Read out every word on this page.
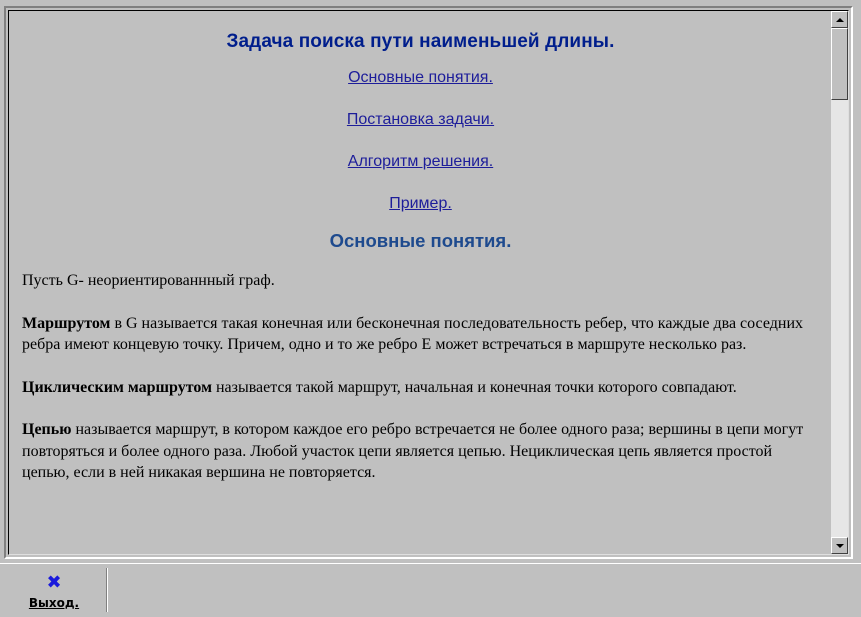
Задача поиска пути наименьшей длины.
Основные понятия.
Постановка задачи.
Алгоритм решения.
Пример.
Основные понятия.

Пусть G- неориентированнный граф.

Маршрутом в G называется такая конечная или бесконечная последовательность ребер, что каждые два соседних ребра имеют концевую точку. Причем, одно и то же ребро E может встречаться в маршруте несколько раз.

Циклическим маршрутом называется такой маршрут, начальная и конечная точки которого совпадают.

Цепью называется маршрут, в котором каждое его ребро встречается не более одного раза; вершины в цепи могут повторяться и более одного раза. Любой участок цепи является цепью. Нециклическая цепь является простой цепью, если в ней никакая вершина не повторяется.

✖
Выход.
